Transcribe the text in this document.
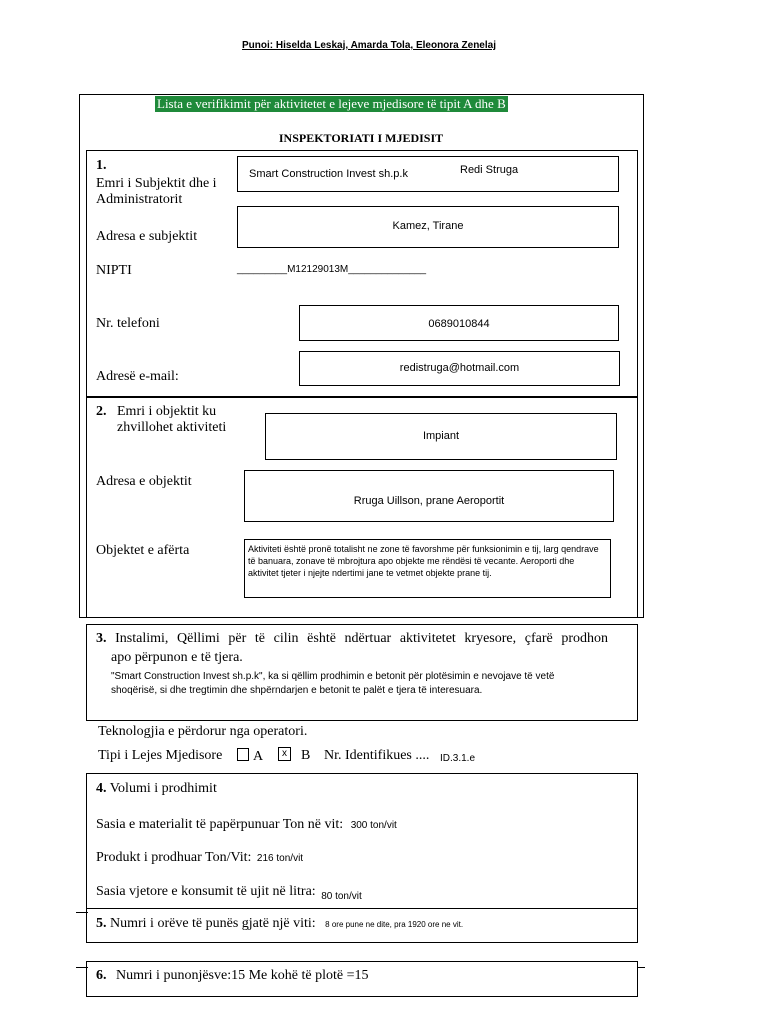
Punoi: Hiselda Leskaj, Amarda Tola, Eleonora Zenelaj
Lista e verifikimit për aktivitetet e lejeve mjedisore të tipit A dhe B
INSPEKTORIATI I MJEDISIT
1.
Emri i Subjektit dhe i Administratorit
Smart Construction Invest sh.p.k	Redi Struga
Adresa e subjektit
Kamez, Tirane
NIPTI	_________M12129013M______________
Nr. telefoni	0689010844
Adresë e-mail:
redistruga@hotmail.com
2. Emri i objektit ku zhvillohet aktiviteti
Impiant
Adresa e objektit
Rruga Uillson, prane Aeroportit
Objektet e afërta	Aktiviteti është pronë totalisht ne zone të favorshme për funksionimin e tij, larg qendrave të banuara, zonave të mbrojtura apo objekte me rëndësi të vecante. Aeroporti dhe aktivitet tjeter i njejte ndertimi jane te vetmet objekte prane tij.
3. Instalimi, Qëllimi për të cilin është ndërtuar aktivitetet kryesore, çfarë prodhon
apo përpunon e të tjera.
"Smart Construction Invest sh.p.k", ka si qëllim prodhimin e betonit për plotësimin e nevojave të vetë shoqërisë, si dhe tregtimin dhe shpërndarjen e betonit te palët e tjera të interesuara.
Teknologjia e përdorur nga operatori.
Tipi i Lejes Mjedisore A	x B Nr. Identifikues .... ID.3.1.e
4. Volumi i prodhimit
Sasia e materialit të papërpunuar Ton në vit: 300 ton/vit
Produkt i prodhuar Ton/Vit: 216 ton/vit
Sasia vjetore e konsumit të ujit në litra: $_{80 ton/vit}$
5. Numri i orëve të punës gjatë një viti: 8 ore pune ne dite, pra 1920 ore ne vit.
6. Numri i punonjësve:15 Me kohë të plotë =15
